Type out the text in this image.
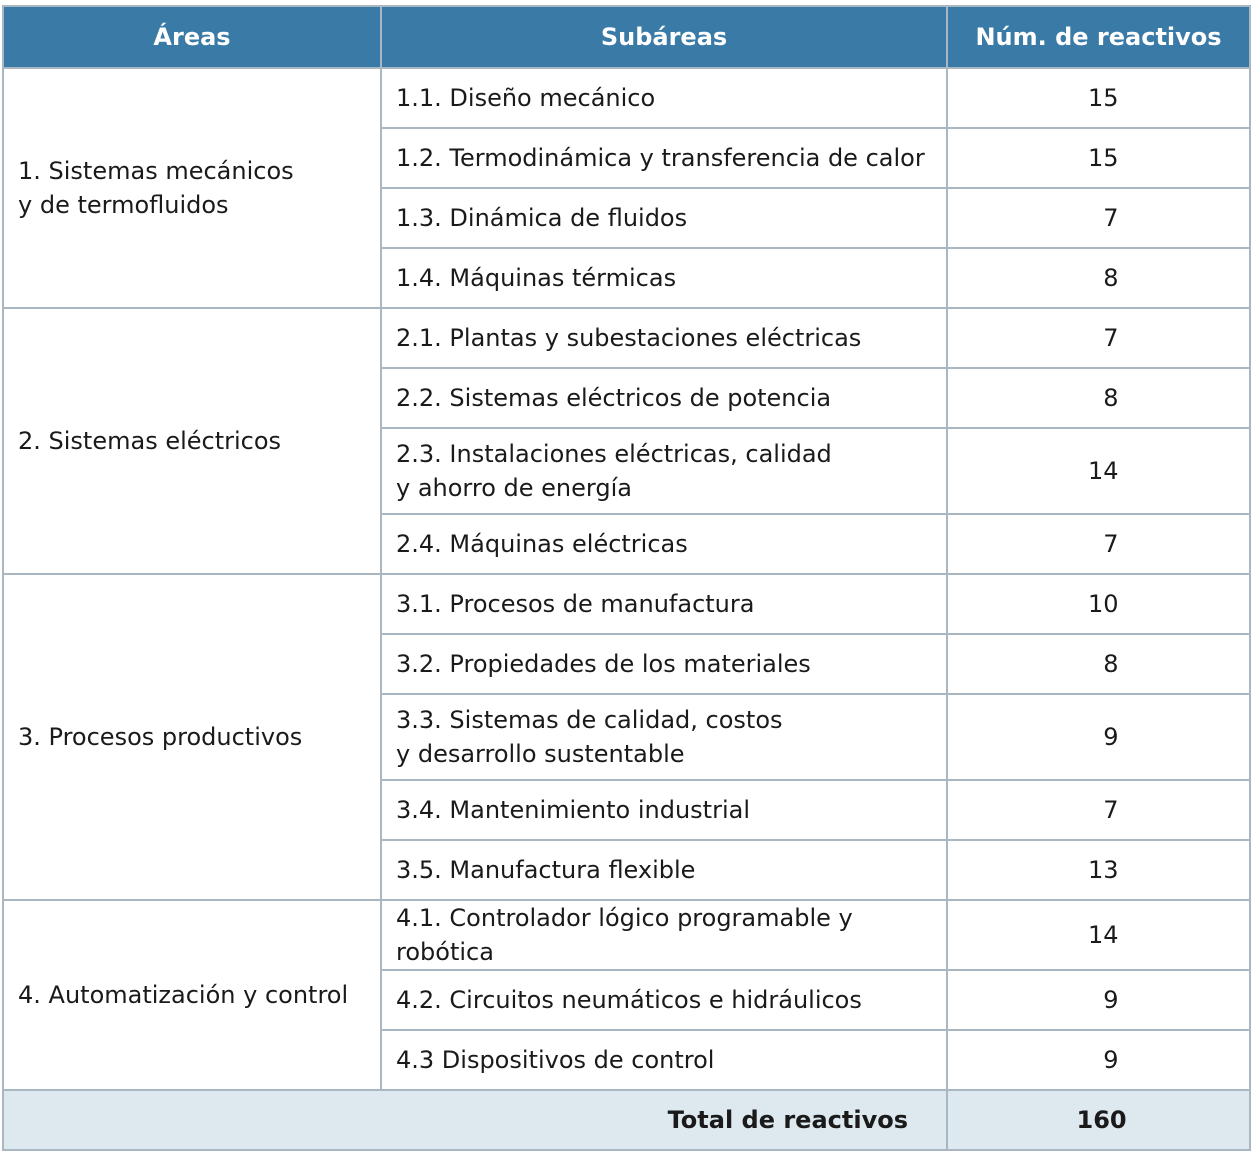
Áreas	Subáreas	Núm. de reactivos

1. Sistemas mecánicos
y de termofluidos	1.1. Diseño mecánico	15

	1.2. Termodinámica y transferencia de calor	15

	1.3. Dinámica de fluidos	7

	1.4. Máquinas térmicas	8

2. Sistemas eléctricos	2.1. Plantas y subestaciones eléctricas	7

	2.2. Sistemas eléctricos de potencia	8

	2.3. Instalaciones eléctricas, calidad
y ahorro de energía	14

	2.4. Máquinas eléctricas	7

3. Procesos productivos	3.1. Procesos de manufactura	10

	3.2. Propiedades de los materiales	8

	3.3. Sistemas de calidad, costos
y desarrollo sustentable	9

	3.4. Mantenimiento industrial	7

	3.5. Manufactura flexible	13

4. Automatización y control	4.1. Controlador lógico programable y robótica	14

	4.2. Circuitos neumáticos e hidráulicos	9

	4.3 Dispositivos de control	9
Total de reactivos		160
